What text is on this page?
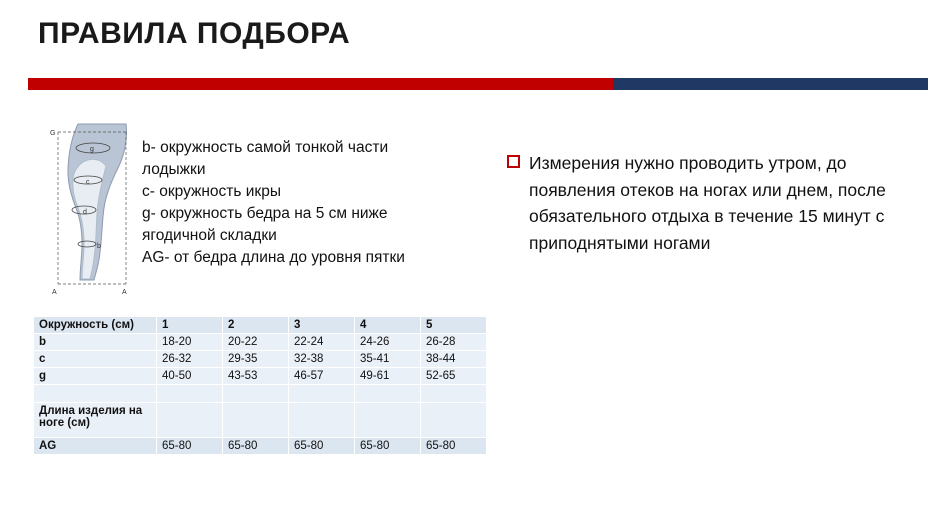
ПРАВИЛА ПОДБОРА
G
g
c
d
b
A	A
b- окружность самой тонкой части лодыжки
c- окружность икры
g- окружность бедра на 5 см ниже ягодичной складки
AG- от бедра длина до уровня пятки
Измерения нужно проводить утром, до появления отеков на ногах или днем, после обязательного отдыха в течение 15 минут с приподнятыми ногами
Окружность (см)	1	2	3	4	5
b	18-20	20-22	22-24	24-26	26-28
c	26-32	29-35	32-38	35-41	38-44
g	40-50	43-53	46-57	49-61	52-65

Длина изделия на ноге (см)					
AG	65-80	65-80	65-80	65-80	65-80
